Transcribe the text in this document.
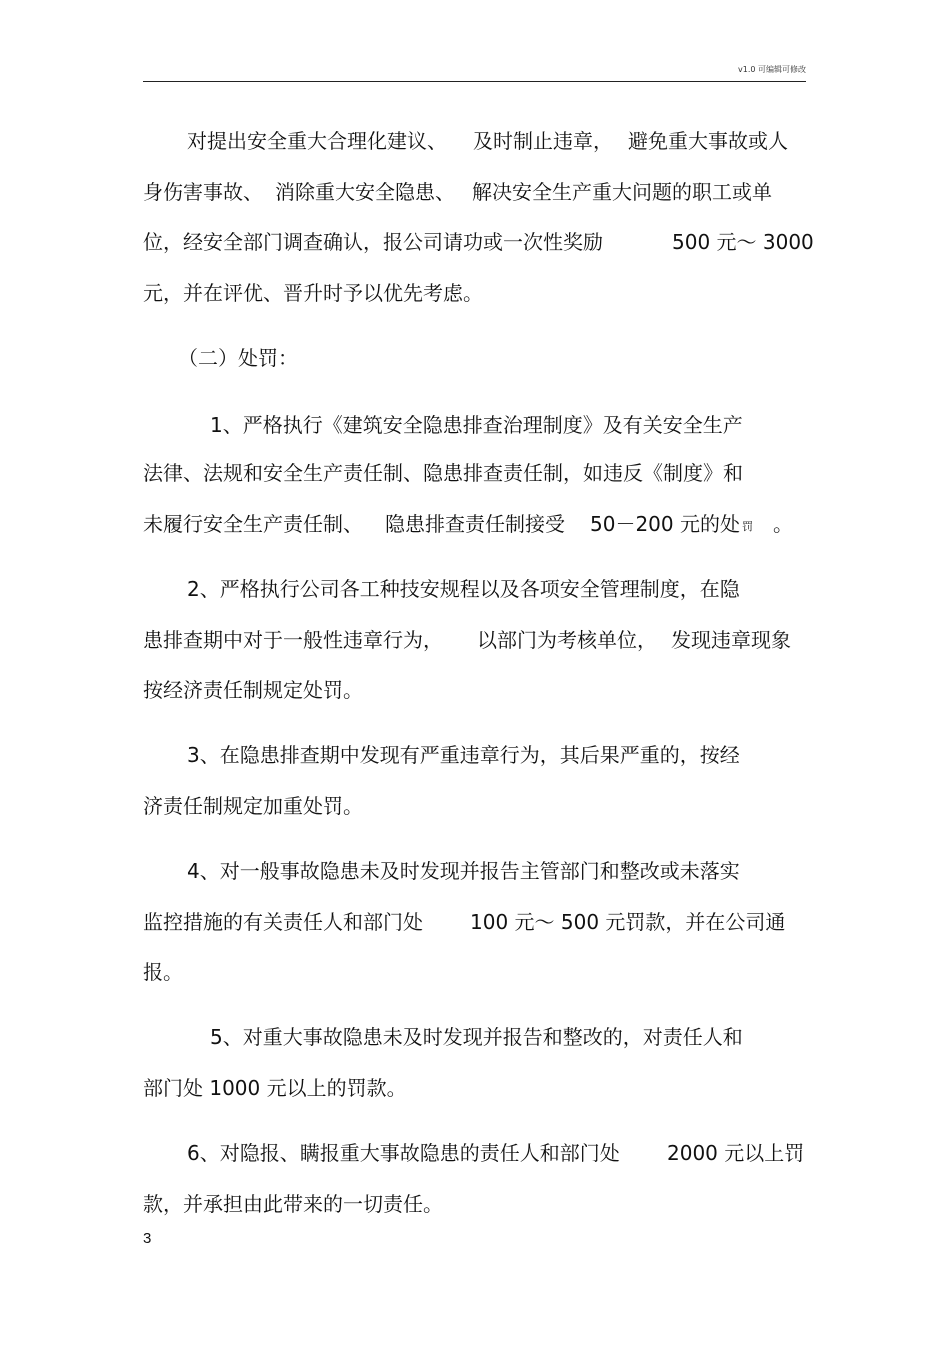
v1.0 可编辑可修改

对提出安全重大合理化建议、

及时制止违章，

避免重大事故或人

身伤害事故、

消除重大安全隐患、

解决安全生产重大问题的职工或单

位，经安全部门调查确认，报公司请功或一次性奖励

	500 元～ 3000

元，并在评优、晋升时予以优先考虑。

（二）处罚：

1、严格执行《建筑安全隐患排查治理制度》及有关安全生产

法律、法规和安全生产责任制、隐患排查责任制，如违反《制度》和

未履行安全生产责任制、

隐患排查责任制接受

50－200 元的处

罚

。

2、严格执行公司各工种技安规程以及各项安全管理制度，在隐

患排查期中对于一般性违章行为，

以部门为考核单位，

发现违章现象

按经济责任制规定处罚。

3、在隐患排查期中发现有严重违章行为，其后果严重的，按经

济责任制规定加重处罚。

4、对一般事故隐患未及时发现并报告主管部门和整改或未落实

监控措施的有关责任人和部门处

100 元～ 500 元罚款，并在公司通

报。

5、对重大事故隐患未及时发现并报告和整改的，对责任人和

部门处 1000 元以上的罚款。

6、对隐报、瞒报重大事故隐患的责任人和部门处

2000 元以上罚

款，并承担由此带来的一切责任。

3
